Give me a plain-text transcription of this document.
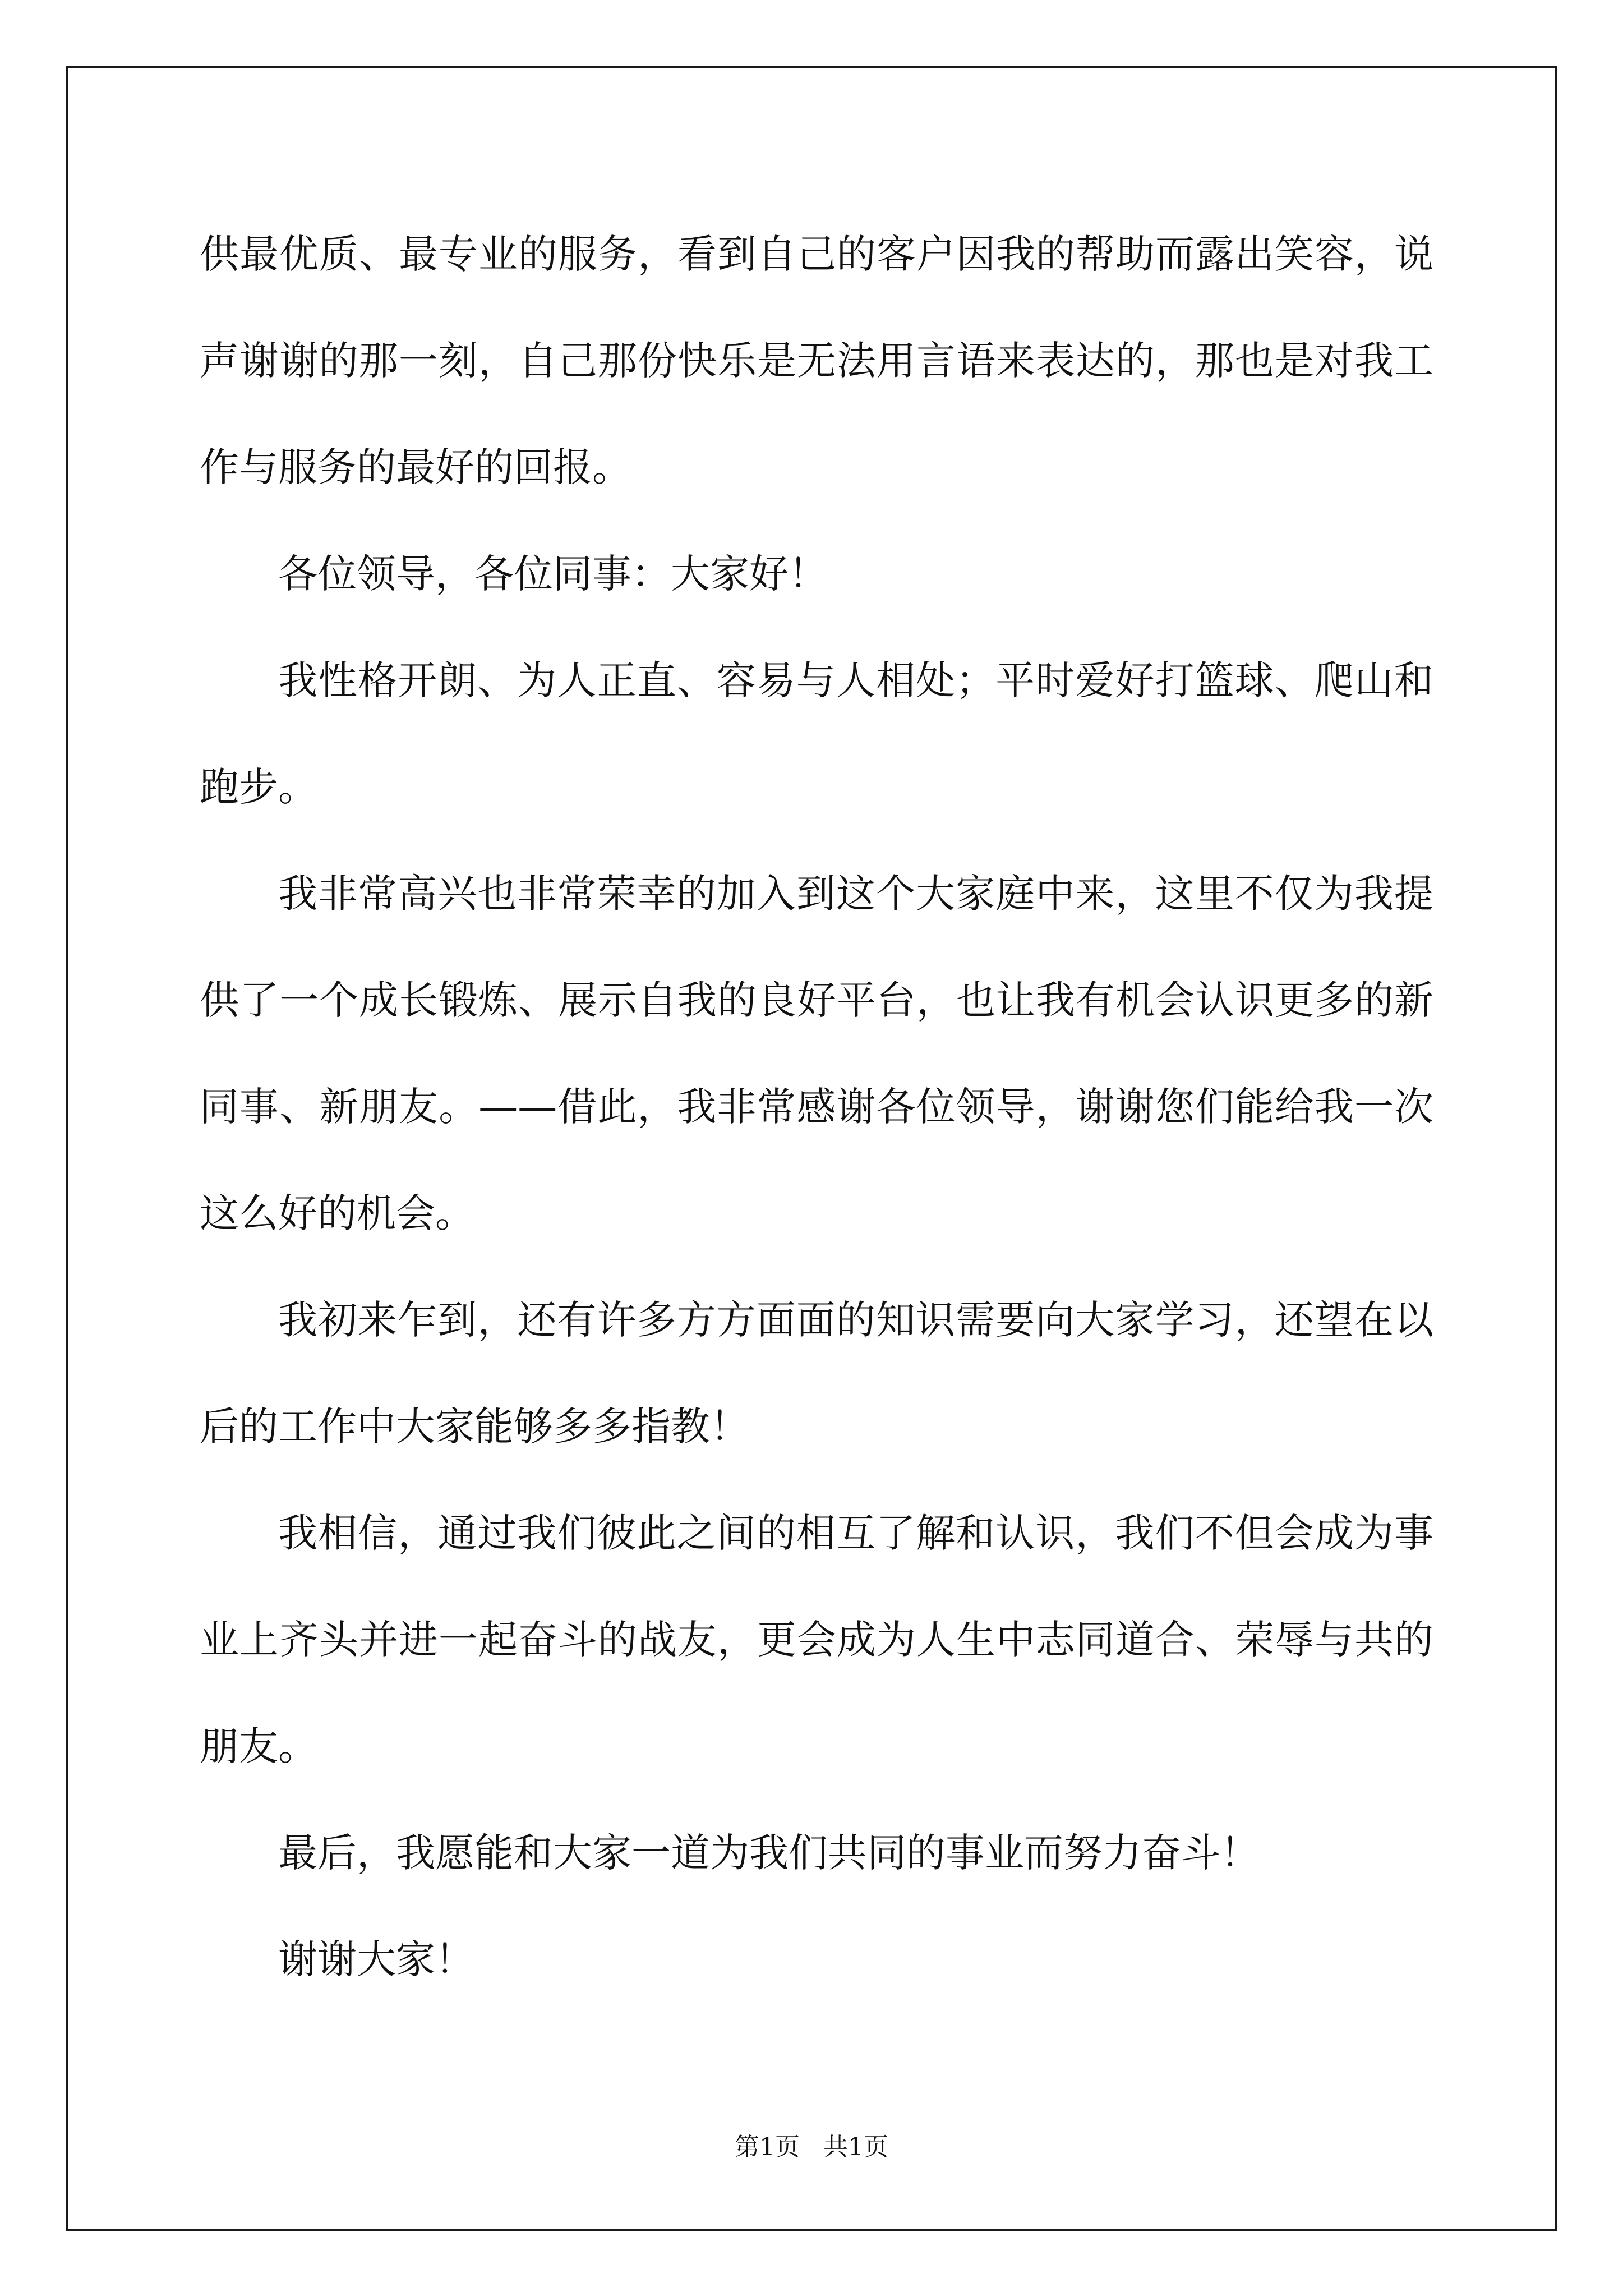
供最优质、最专业的服务，看到自己的客户因我的帮助而露出笑容，说声谢谢的那一刻，自己那份快乐是无法用言语来表达的，那也是对我工作与服务的最好的回报。

各位领导，各位同事：大家好！

我性格开朗、为人正直、容易与人相处；平时爱好打篮球、爬山和跑步。

我非常高兴也非常荣幸的加入到这个大家庭中来，这里不仅为我提供了一个成长锻炼、展示自我的良好平台，也让我有机会认识更多的新同事、新朋友。——借此，我非常感谢各位领导，谢谢您们能给我一次这么好的机会。

我初来乍到，还有许多方方面面的知识需要向大家学习，还望在以后的工作中大家能够多多指教！

我相信，通过我们彼此之间的相互了解和认识，我们不但会成为事业上齐头并进一起奋斗的战友，更会成为人生中志同道合、荣辱与共的朋友。

最后，我愿能和大家一道为我们共同的事业而努力奋斗！

谢谢大家！

第1页   共1页
